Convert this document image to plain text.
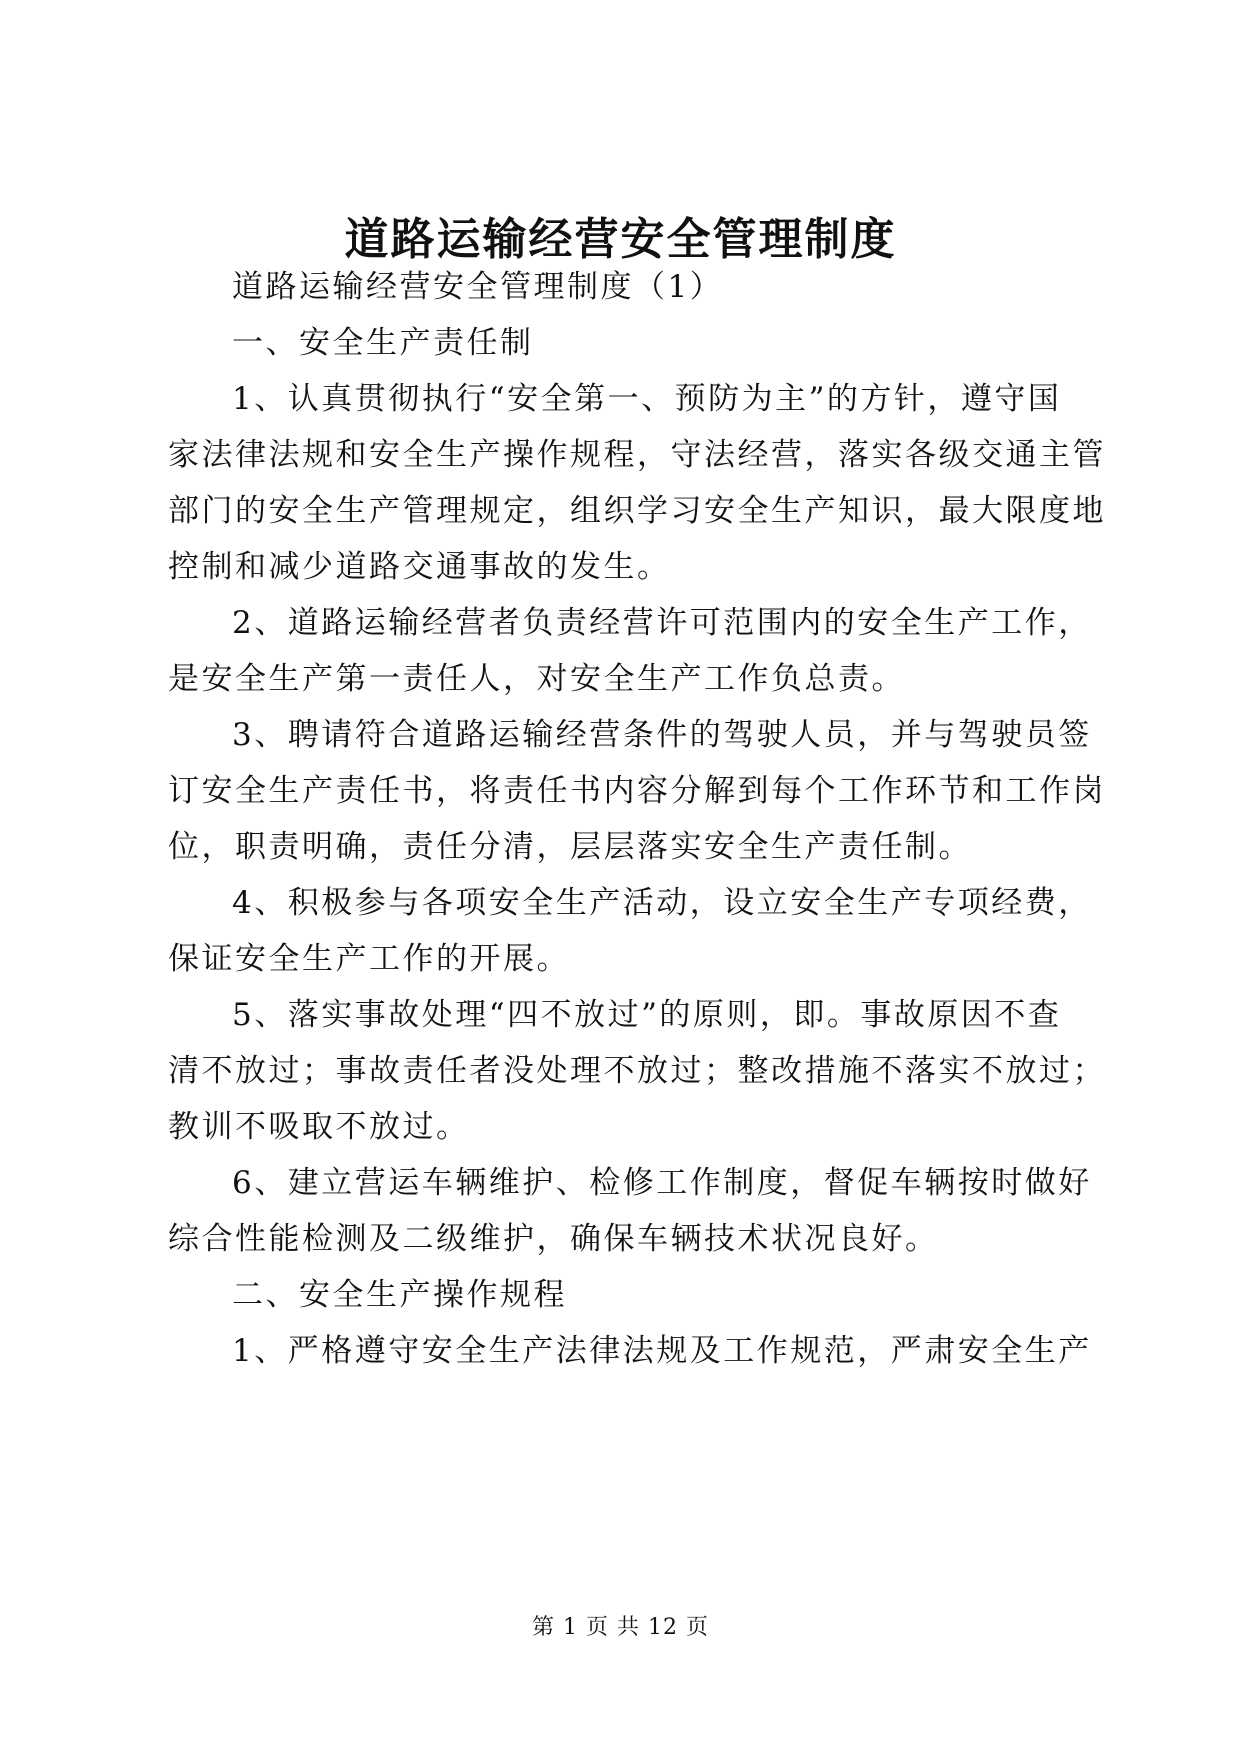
道路运输经营安全管理制度
道路运输经营安全管理制度（1）
一、安全生产责任制
1、认真贯彻执行“安全第一、预防为主”的方针，遵守国
家法律法规和安全生产操作规程，守法经营，落实各级交通主管
部门的安全生产管理规定，组织学习安全生产知识，最大限度地
控制和减少道路交通事故的发生。
2、道路运输经营者负责经营许可范围内的安全生产工作，
是安全生产第一责任人，对安全生产工作负总责。
3、聘请符合道路运输经营条件的驾驶人员，并与驾驶员签
订安全生产责任书，将责任书内容分解到每个工作环节和工作岗
位，职责明确，责任分清，层层落实安全生产责任制。
4、积极参与各项安全生产活动，设立安全生产专项经费，
保证安全生产工作的开展。
5、落实事故处理“四不放过”的原则，即。事故原因不查
清不放过；事故责任者没处理不放过；整改措施不落实不放过；
教训不吸取不放过。
6、建立营运车辆维护、检修工作制度，督促车辆按时做好
综合性能检测及二级维护，确保车辆技术状况良好。
二、安全生产操作规程
1、严格遵守安全生产法律法规及工作规范，严肃安全生产
第 1 页 共 12 页
